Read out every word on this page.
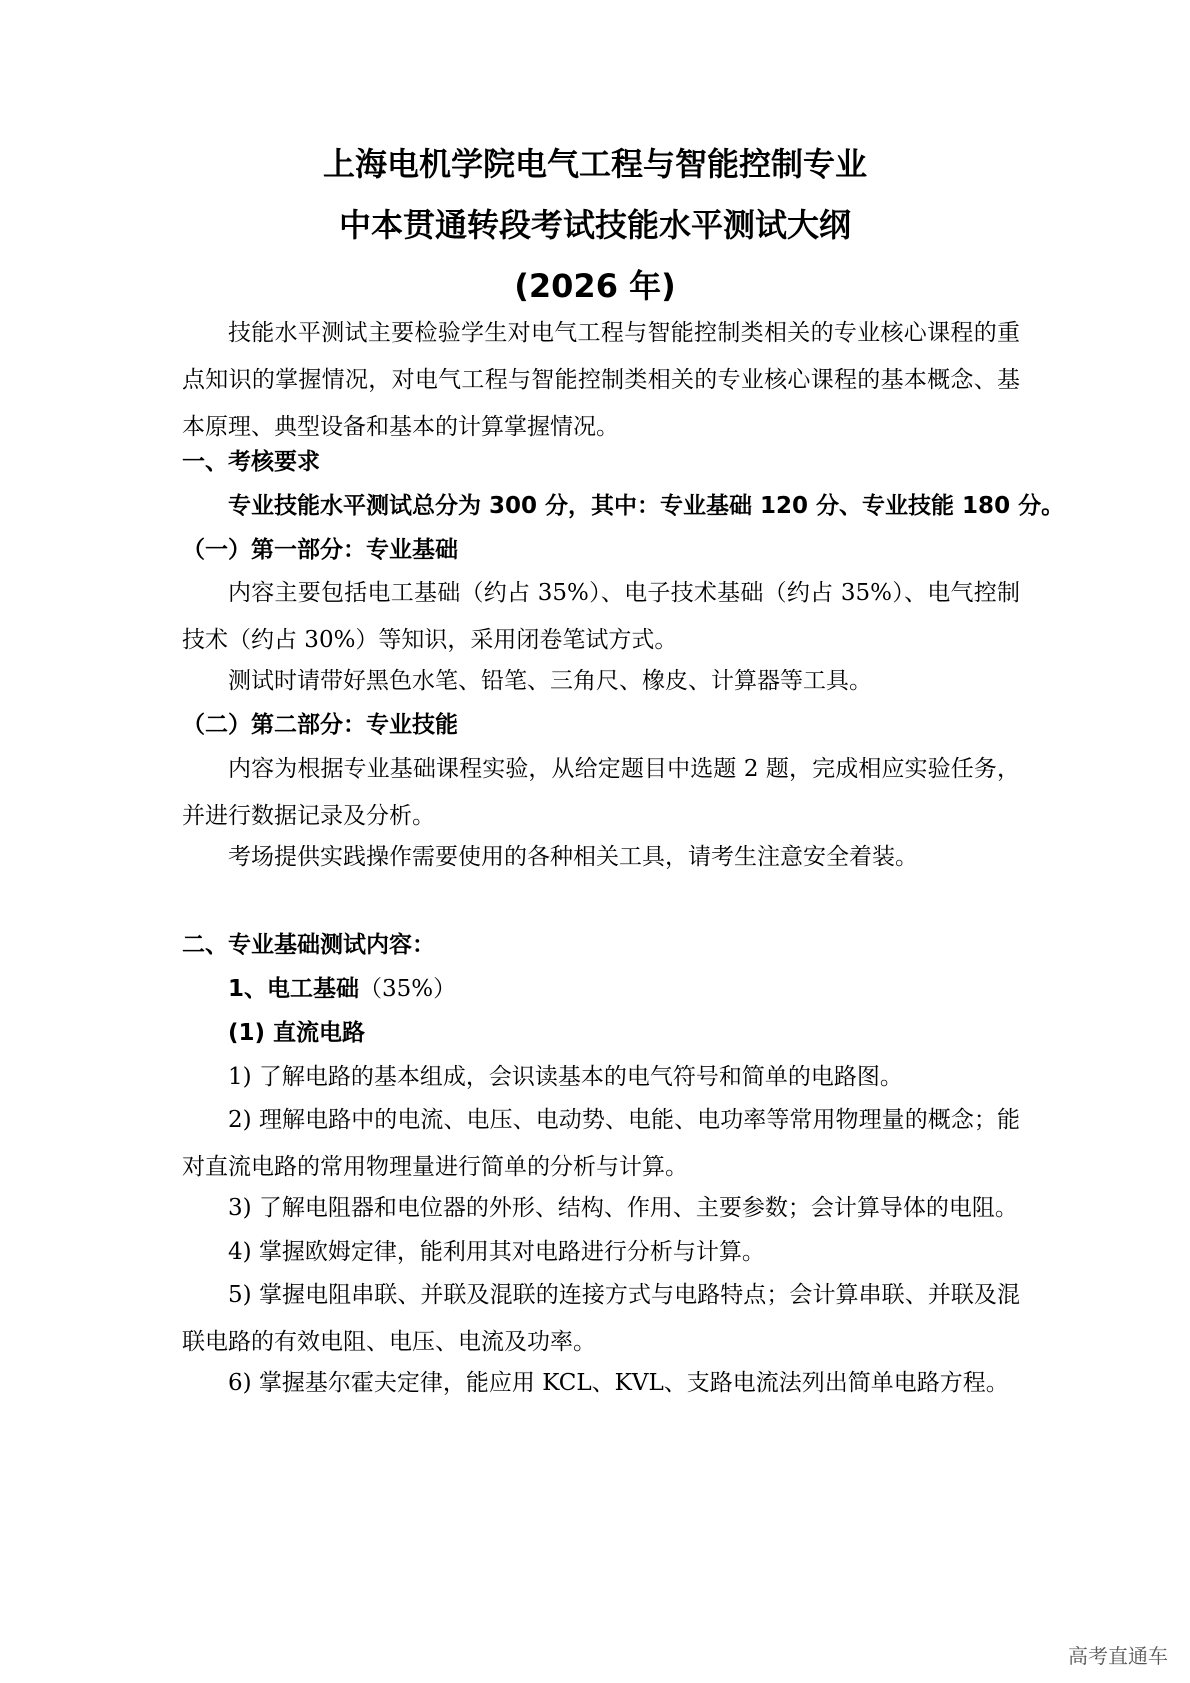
上海电机学院电气工程与智能控制专业
中本贯通转段考试技能水平测试大纲
(2026 年)
技能水平测试主要检验学生对电气工程与智能控制类相关的专业核心课程的重点知识的掌握情况，对电气工程与智能控制类相关的专业核心课程的基本概念、基本原理、典型设备和基本的计算掌握情况。
一、考核要求
专业技能水平测试总分为 300 分，其中：专业基础 120 分、专业技能 180 分。
（一）第一部分：专业基础
内容主要包括电工基础（约占 35%）、电子技术基础（约占 35%）、电气控制技术（约占 30%）等知识，采用闭卷笔试方式。
测试时请带好黑色水笔、铅笔、三角尺、橡皮、计算器等工具。
（二）第二部分：专业技能
内容为根据专业基础课程实验，从给定题目中选题 2 题，完成相应实验任务，并进行数据记录及分析。
考场提供实践操作需要使用的各种相关工具，请考生注意安全着装。
二、专业基础测试内容：
1、电工基础（35%）
(1) 直流电路
1) 了解电路的基本组成，会识读基本的电气符号和简单的电路图。
2) 理解电路中的电流、电压、电动势、电能、电功率等常用物理量的概念；能对直流电路的常用物理量进行简单的分析与计算。
3) 了解电阻器和电位器的外形、结构、作用、主要参数；会计算导体的电阻。
4) 掌握欧姆定律，能利用其对电路进行分析与计算。
5) 掌握电阻串联、并联及混联的连接方式与电路特点；会计算串联、并联及混联电路的有效电阻、电压、电流及功率。
6) 掌握基尔霍夫定律，能应用 KCL、KVL、支路电流法列出简单电路方程。
高考直通车
